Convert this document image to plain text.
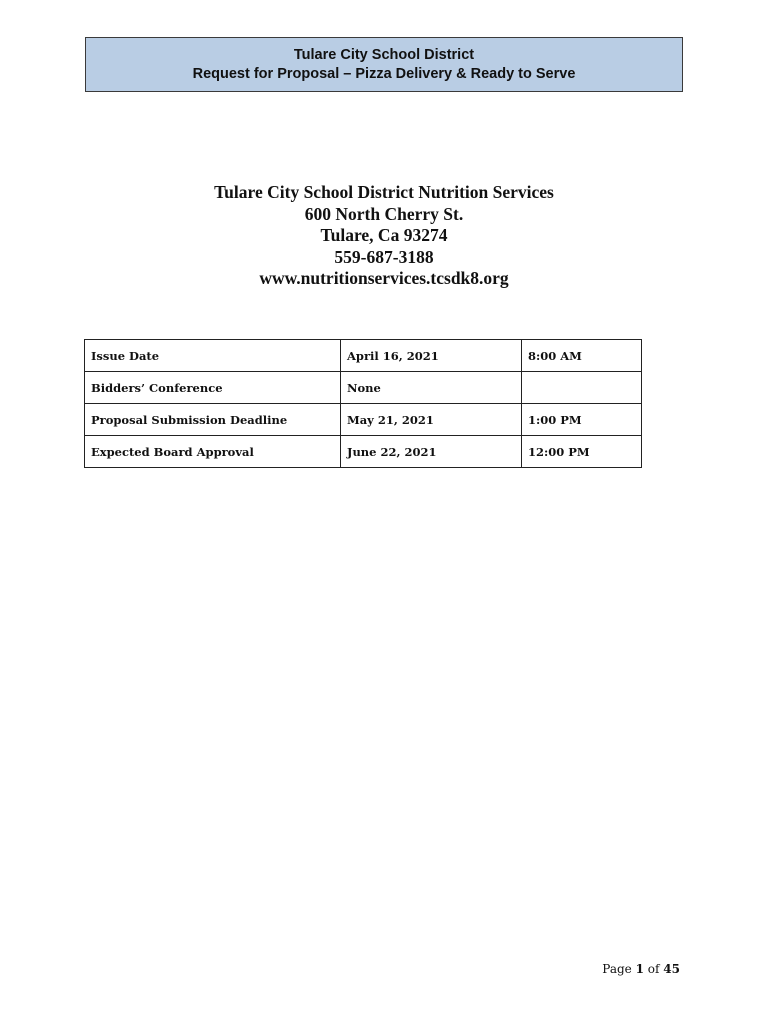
Tulare City School District
Request for Proposal – Pizza Delivery & Ready to Serve
Tulare City School District Nutrition Services
600 North Cherry St.
Tulare, Ca 93274
559-687-3188
www.nutritionservices.tcsdk8.org
Issue Date	April 16, 2021	8:00 AM
Bidders’ Conference	None	
Proposal Submission Deadline	May 21, 2021	1:00 PM
Expected Board Approval	June 22, 2021	12:00 PM
Page 1 of 45
